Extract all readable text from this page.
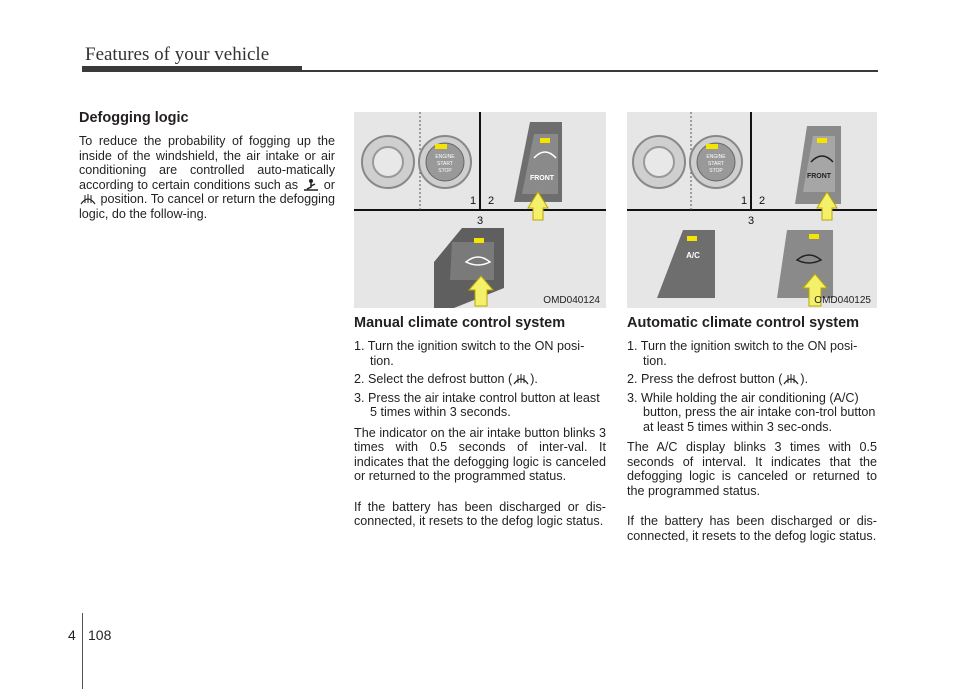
Features of your vehicle
Defogging logic

To reduce the probability of fogging up the inside of the windshield, the air intake or air conditioning are controlled auto-matically according to certain conditions such as  or  position. To cancel or return the defogging logic, do the follow-ing.

ENGINE
START
STOP
1 2
3
FRONT
OMD040124
ENGINE
START
STOP
1 2
3
FRONT
A/C
OMD040125
Manual climate control system
1. Turn the ignition switch to the ON posi-tion.
2. Select the defrost button ( ).
3. Press the air intake control button at least 5 times within 3 seconds.

The indicator on the air intake button blinks 3 times with 0.5 seconds of inter-val. It indicates that the defogging logic is canceled or returned to the programmed status.

If the battery has been discharged or dis-connected, it resets to the defog logic status.

Automatic climate control system
1. Turn the ignition switch to the ON posi-tion.
2. Press the defrost button ( ).
3. While holding the air conditioning (A/C) button, press the air intake con-trol button at least 5 times within 3 sec-onds.

The A/C display blinks 3 times with 0.5 seconds of interval. It indicates that the defogging logic is canceled or returned to the programmed status.

If the battery has been discharged or dis-connected, it resets to the defog logic status.

4 108
